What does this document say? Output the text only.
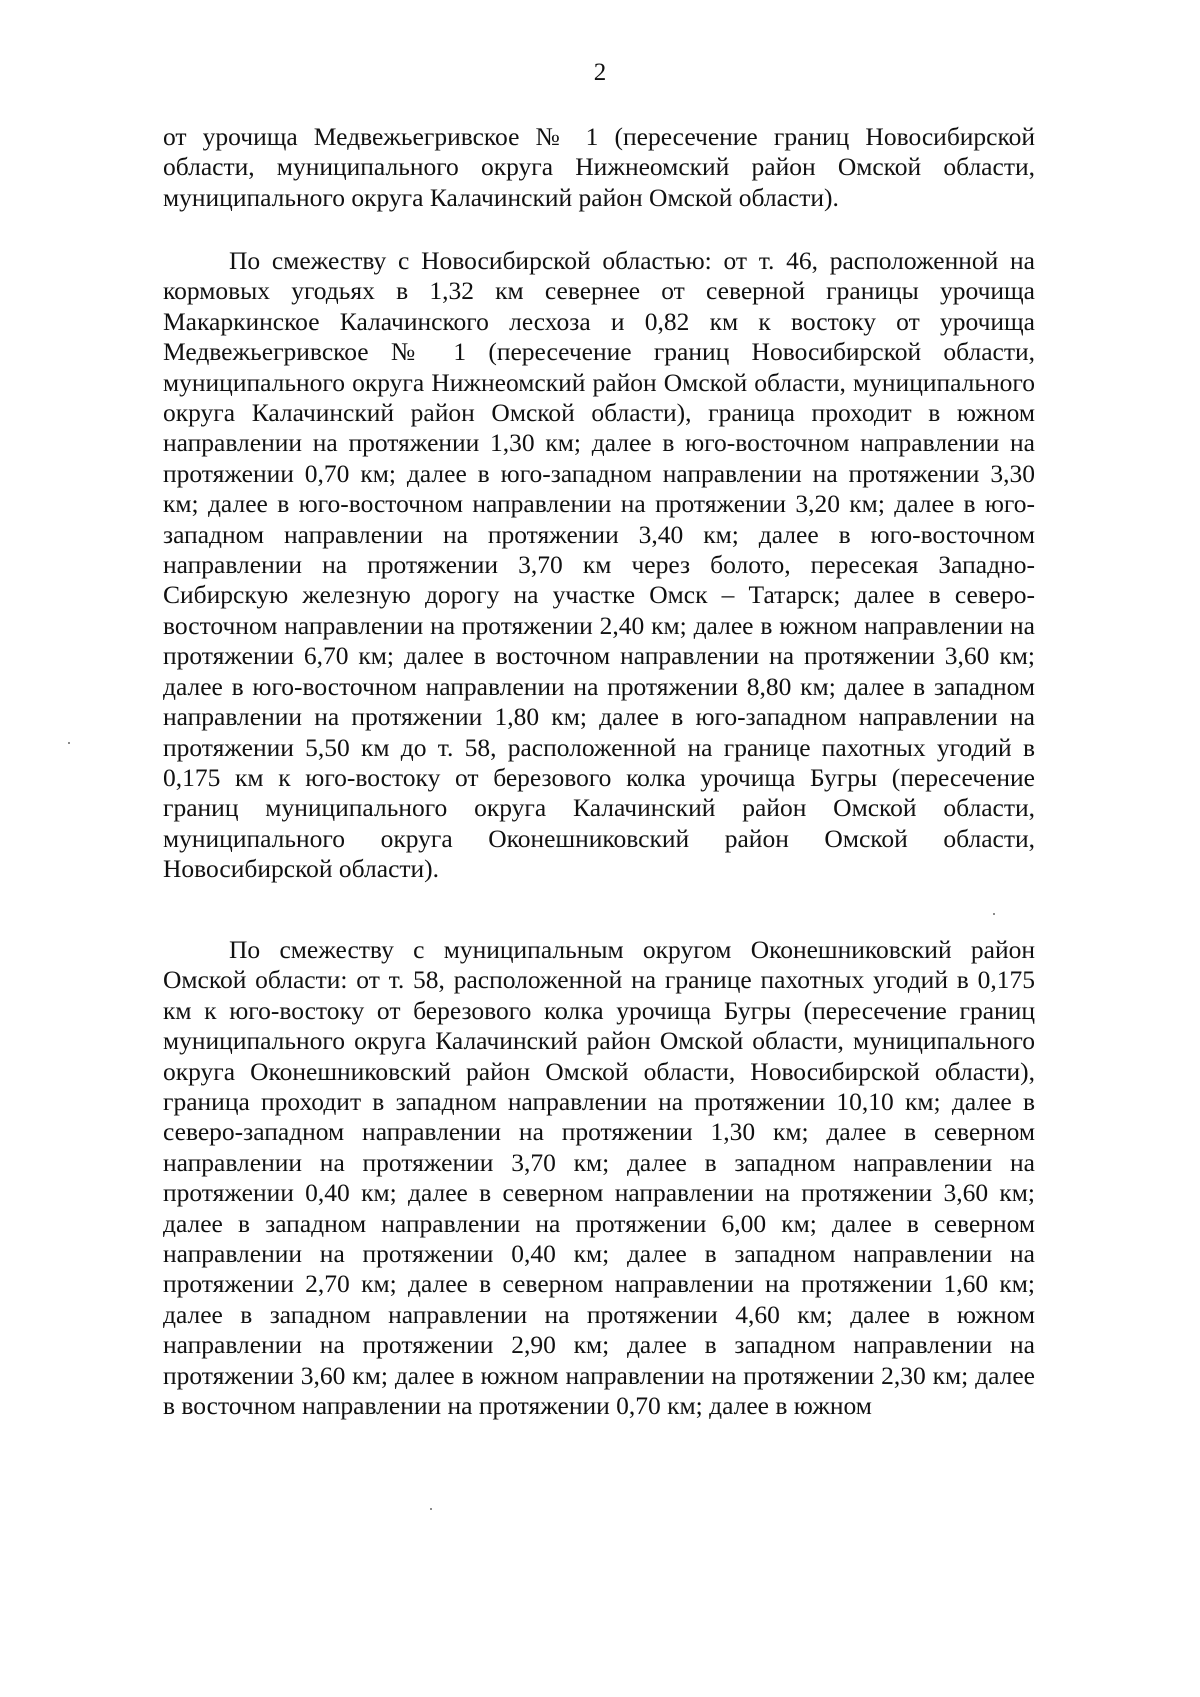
2

от урочища Медвежьегривское № 1 (пересечение границ Новосибирской области, муниципального округа Нижнеомский район Омской области, муниципального округа Калачинский район Омской области).

По смежеству с Новосибирской областью: от т. 46, расположенной на кормовых угодьях в 1,32 км севернее от северной границы урочища Макаркинское Калачинского лесхоза и 0,82 км к востоку от урочища Медвежьегривское № 1 (пересечение границ Новосибирской области, муниципального округа Нижнеомский район Омской области, муниципального округа Калачинский район Омской области), граница проходит в южном направлении на протяжении 1,30 км; далее в юго-восточном направлении на протяжении 0,70 км; далее в юго-западном направлении на протяжении 3,30 км; далее в юго-восточном направлении на протяжении 3,20 км; далее в юго-западном направлении на протяжении 3,40 км; далее в юго-восточном направлении на протяжении 3,70 км через болото, пересекая Западно-Сибирскую железную дорогу на участке Омск – Татарск; далее в северо-восточном направлении на протяжении 2,40 км; далее в южном направлении на протяжении 6,70 км; далее в восточном направлении на протяжении 3,60 км; далее в юго-восточном направлении на протяжении 8,80 км; далее в западном направлении на протяжении 1,80 км; далее в юго-западном направлении на протяжении 5,50 км до т. 58, расположенной на границе пахотных угодий в 0,175 км к юго-востоку от березового колка урочища Бугры (пересечение границ муниципального округа Калачинский район Омской области, муниципального округа Оконешниковский район Омской области, Новосибирской области).

По смежеству с муниципальным округом Оконешниковский район Омской области: от т. 58, расположенной на границе пахотных угодий в 0,175 км к юго-востоку от березового колка урочища Бугры (пересечение границ муниципального округа Калачинский район Омской области, муниципального округа Оконешниковский район Омской области, Новосибирской области), граница проходит в западном направлении на протяжении 10,10 км; далее в северо-западном направлении на протяжении 1,30 км; далее в северном направлении на протяжении 3,70 км; далее в западном направлении на протяжении 0,40 км; далее в северном направлении на протяжении 3,60 км; далее в западном направлении на протяжении 6,00 км; далее в северном направлении на протяжении 0,40 км; далее в западном направлении на протяжении 2,70 км; далее в северном направлении на протяжении 1,60 км; далее в западном направлении на протяжении 4,60 км; далее в южном направлении на протяжении 2,90 км; далее в западном направлении на протяжении 3,60 км; далее в южном направлении на протяжении 2,30 км; далее в восточном направлении на протяжении 0,70 км; далее в южном
